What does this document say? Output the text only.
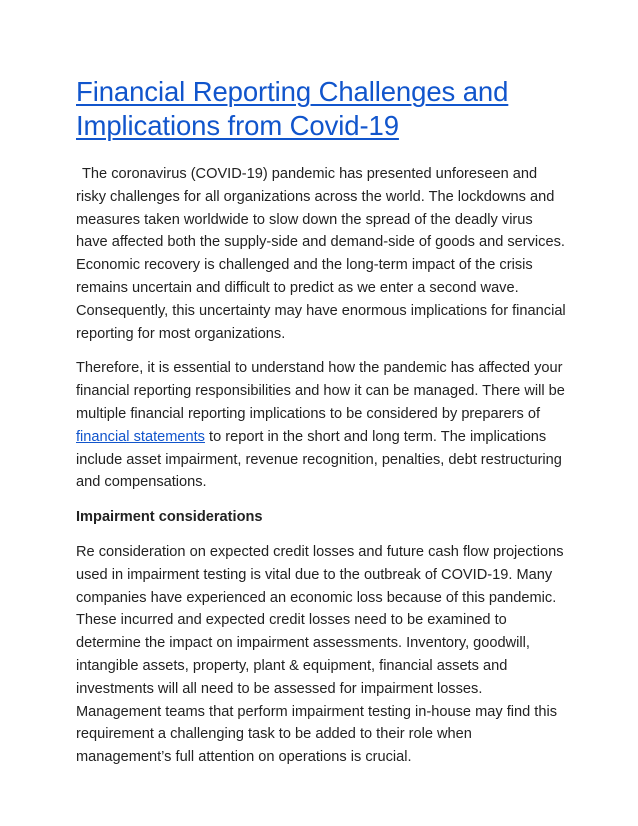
Financial Reporting Challenges and Implications from Covid-19

The coronavirus (COVID-19) pandemic has presented unforeseen and risky challenges for all organizations across the world. The lockdowns and measures taken worldwide to slow down the spread of the deadly virus have affected both the supply-side and demand-side of goods and services. Economic recovery is challenged and the long-term impact of the crisis remains uncertain and difficult to predict as we enter a second wave. Consequently, this uncertainty may have enormous implications for financial reporting for most organizations.

Therefore, it is essential to understand how the pandemic has affected your financial reporting responsibilities and how it can be managed. There will be multiple financial reporting implications to be considered by preparers of financial statements to report in the short and long term. The implications include asset impairment, revenue recognition, penalties, debt restructuring and compensations.

Impairment considerations

Re consideration on expected credit losses and future cash flow projections used in impairment testing is vital due to the outbreak of COVID-19. Many companies have experienced an economic loss because of this pandemic. These incurred and expected credit losses need to be examined to determine the impact on impairment assessments. Inventory, goodwill, intangible assets, property, plant & equipment, financial assets and investments will all need to be assessed for impairment losses. Management teams that perform impairment testing in-house may find this requirement a challenging task to be added to their role when management’s full attention on operations is crucial.
